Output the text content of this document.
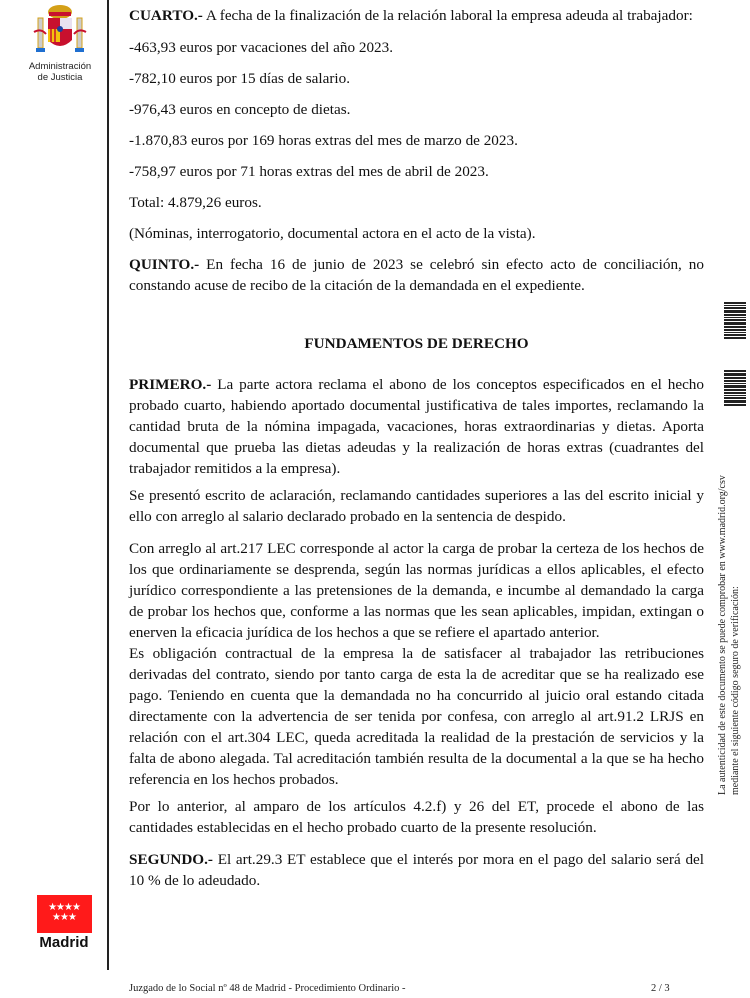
Administración
de Justicia
★★★★
★★★
Madrid

CUARTO.- A fecha de la finalización de la relación laboral la empresa adeuda al trabajador:

-463,93 euros por vacaciones del año 2023.

-782,10 euros por 15 días de salario.

-976,43 euros en concepto de dietas.

-1.870,83 euros por 169 horas extras del mes de marzo de 2023.

-758,97 euros por 71 horas extras del mes de abril de 2023.

Total: 4.879,26 euros.

(Nóminas, interrogatorio, documental actora en el acto de la vista).

QUINTO.- En fecha 16 de junio de 2023 se celebró sin efecto acto de conciliación, no constando acuse de recibo de la citación de la demandada en el expediente.

PRIMERO.- La parte actora reclama el abono de los conceptos especificados en el hecho probado cuarto, habiendo aportado documental justificativa de tales importes, reclamando la cantidad bruta de la nómina impagada, vacaciones, horas extraordinarias y dietas. Aporta documental que prueba las dietas adeudas y la realización de horas extras (cuadrantes del trabajador remitidos a la empresa).

Se presentó escrito de aclaración, reclamando cantidades superiores a las del escrito inicial y ello con arreglo al salario declarado probado en la sentencia de despido.

Con arreglo al art.217 LEC corresponde al actor la carga de probar la certeza de los hechos de los que ordinariamente se desprenda, según las normas jurídicas a ellos aplicables, el efecto jurídico correspondiente a las pretensiones de la demanda, e incumbe al demandado la carga de probar los hechos que, conforme a las normas que les sean aplicables, impidan, extingan o enerven la eficacia jurídica de los hechos a que se refiere el apartado anterior.

Es obligación contractual de la empresa la de satisfacer al trabajador las retribuciones derivadas del contrato, siendo por tanto carga de esta la de acreditar que se ha realizado ese pago. Teniendo en cuenta que la demandada no ha concurrido al juicio oral estando citada directamente con la advertencia de ser tenida por confesa, con arreglo al art.91.2 LRJS en relación con el art.304 LEC, queda acreditada la realidad de la prestación de servicios y la falta de abono alegada. Tal acreditación también resulta de la documental a la que se ha hecho referencia en los hechos probados.

Por lo anterior, al amparo de los artículos 4.2.f) y 26 del ET, procede el abono de las cantidades establecidas en el hecho probado cuarto de la presente resolución.

SEGUNDO.- El art.29.3 ET establece que el interés por mora en el pago del salario será del 10 % de lo adeudado.

FUNDAMENTOS DE DERECHO
La autenticidad de este documento se puede comprobar en www.madrid.org/csv mediante el siguiente código seguro de verificación:
Juzgado de lo Social nº 48 de Madrid - Procedimiento Ordinario -	2 / 3
